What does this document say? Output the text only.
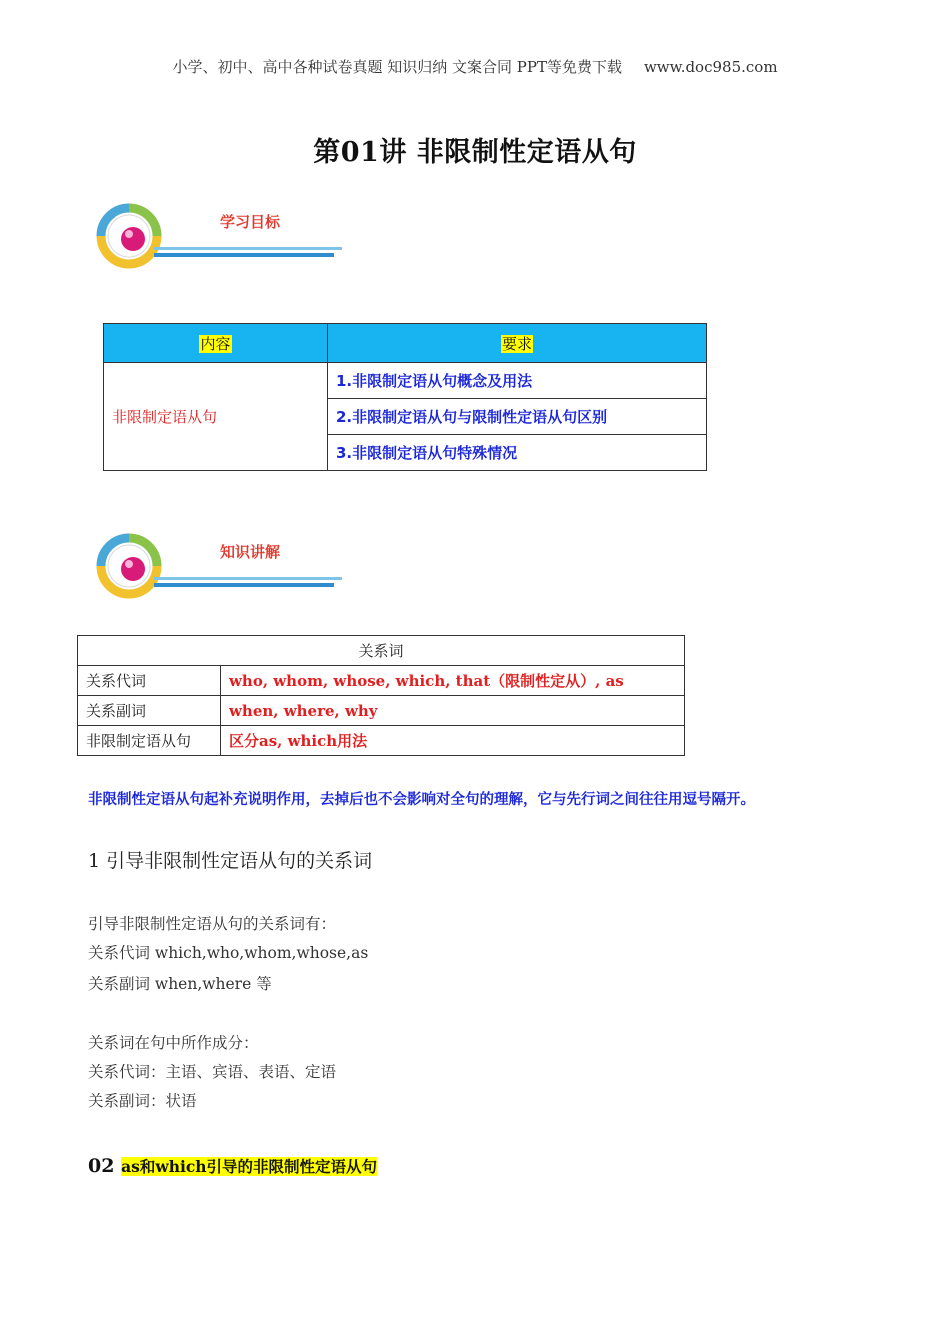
小学、初中、高中各种试卷真题 知识归纳 文案合同 PPT等免费下载 www.doc985.com
第01讲 非限制性定语从句
学习目标
内容	要求
非限制定语从句	1.非限制定语从句概念及用法
	2.非限制定语从句与限制性定语从句区别
	3.非限制定语从句特殊情况
知识讲解
关系词	
关系代词	who, whom, whose, which, that（限制性定从）, as
关系副词	when, where, why
非限制定语从句	区分as, which用法
非限制性定语从句起补充说明作用，去掉后也不会影响对全句的理解，它与先行词之间往往用逗号隔开。
1 引导非限制性定语从句的关系词
引导非限制性定语从句的关系词有：
关系代词 which,who,whom,whose,as
关系副词 when,where 等
关系词在句中所作成分：
关系代词：主语、宾语、表语、定语
关系副词：状语
02 as和which引导的非限制性定语从句
